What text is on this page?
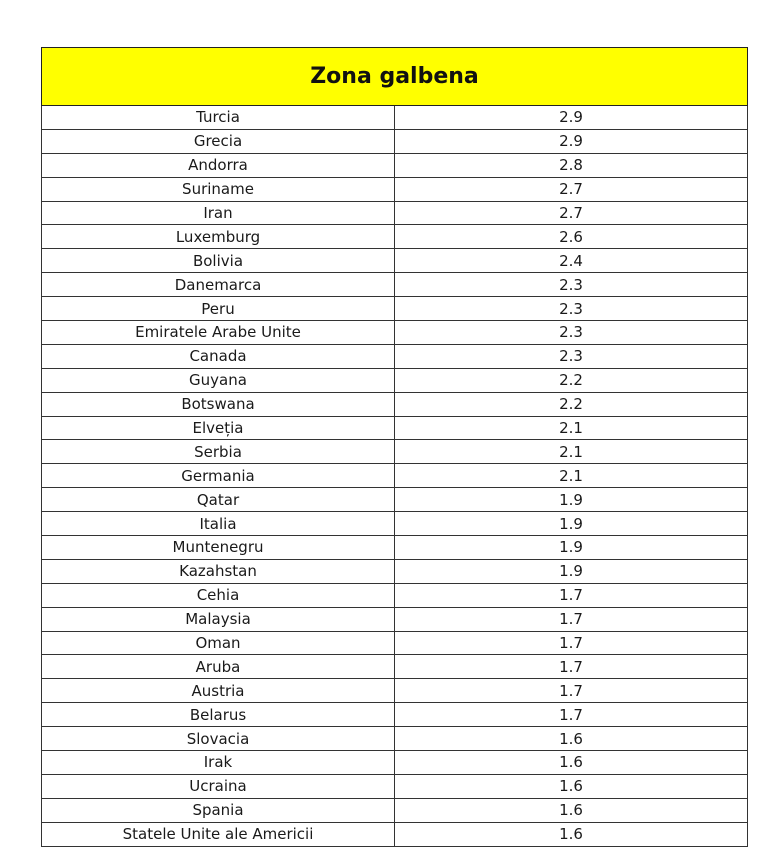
Zona galbena	
Turcia	2.9
Grecia	2.9
Andorra	2.8
Suriname	2.7
Iran	2.7
Luxemburg	2.6
Bolivia	2.4
Danemarca	2.3
Peru	2.3
Emiratele Arabe Unite	2.3
Canada	2.3
Guyana	2.2
Botswana	2.2
Elveția	2.1
Serbia	2.1
Germania	2.1
Qatar	1.9
Italia	1.9
Muntenegru	1.9
Kazahstan	1.9
Cehia	1.7
Malaysia	1.7
Oman	1.7
Aruba	1.7
Austria	1.7
Belarus	1.7
Slovacia	1.6
Irak	1.6
Ucraina	1.6
Spania	1.6
Statele Unite ale Americii	1.6
